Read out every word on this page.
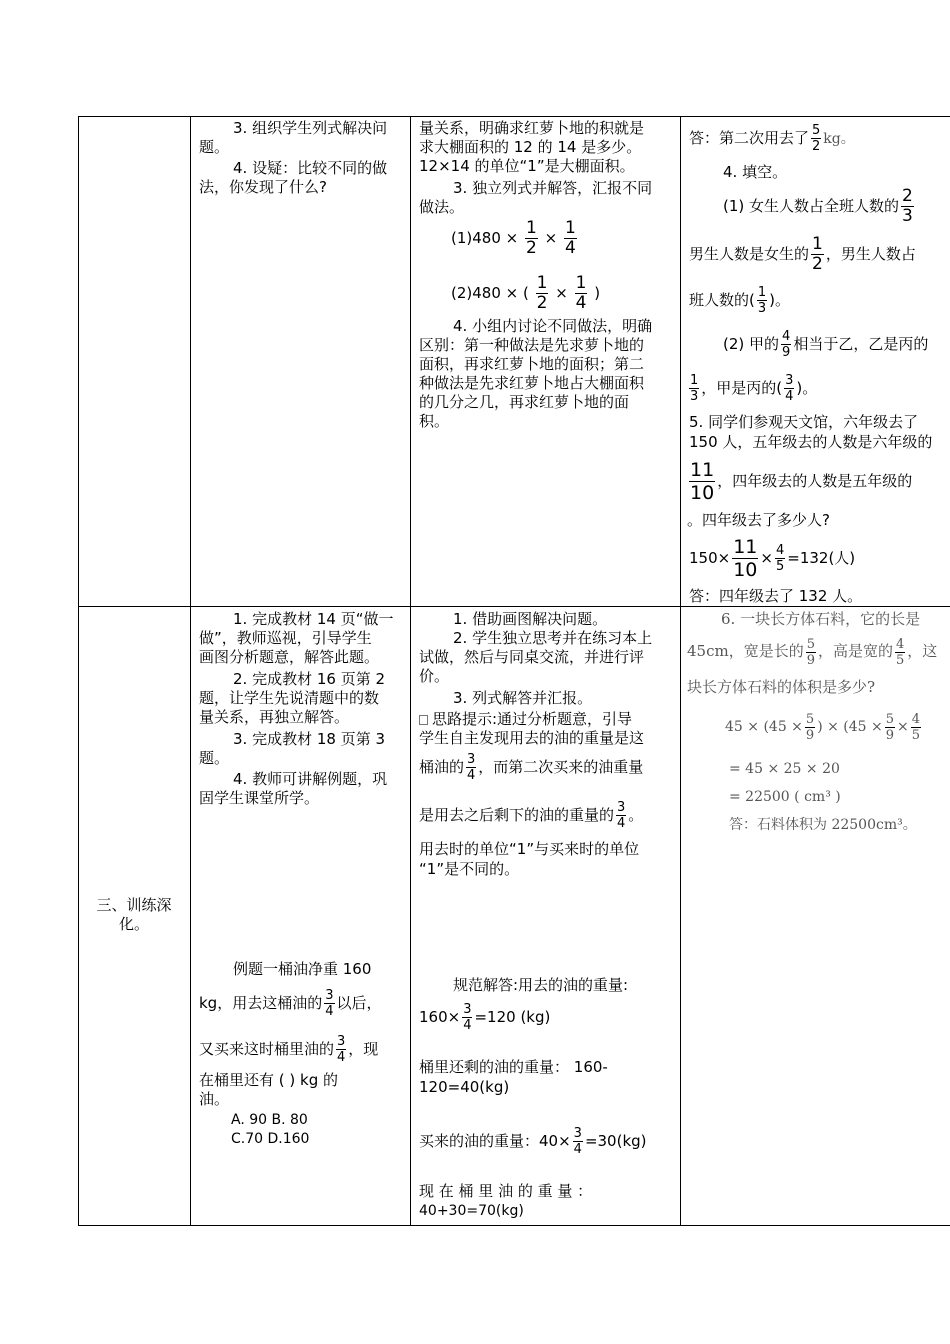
3. 组织学生列式解决问
题。
4. 设疑：比较不同的做
法，你发现了什么?
量关系，明确求红萝卜地的积就是
求大棚面积的 12 的 14 是多少。
12×14 的单位“1”是大棚面积。
3. 独立列式并解答，汇报不同
做法。
$(1)480 \times \frac{1}{2} \times \frac{1}{4}$
(2)480 × ( $\frac{1}{2} \times \frac{1}{4}$ )
4. 小组内讨论不同做法，明确
区别：第一种做法是先求萝卜地的
面积，再求红萝卜地的面积；第二
种做法是先求红萝卜地占大棚面积
的几分之几，再求红萝卜地的面
积。
答：第二次用去了 $\frac{5}{2}$ kg。
4. 填空。
(1) 女生人数占全班人数的 $\frac{2}{3}$
男生人数是女生的 $\frac{1}{2}$ ，男生人数占
班人数的( $\frac{1}{3}$ )。
(2) 甲的 $\frac{4}{9}$ 相当于乙，乙是丙的
$\frac{1}{3}$ ，甲是丙的( $\frac{3}{4}$ )。
5. 同学们参观天文馆，六年级去了
150 人，五年级去的人数是六年级的
$\frac{11}{10}$ ，四年级去的人数是五年级的
。四年级去了多少人?
$150\times \frac{11}{10} \times \frac{4}{5} =132$(人)
答：四年级去了 132 人。
三、训练深
化。
1. 完成教材 14 页“做一
做”，教师巡视，引导学生
画图分析题意，解答此题。
2. 完成教材 16 页第 2
题，让学生先说清题中的数
量关系，再独立解答。
3. 完成教材 18 页第 3
题。
4. 教师可讲解例题，巩
固学生课堂所学。
例题一桶油净重 160
kg，用去这桶油的 $\frac{3}{4}$ 以后，
又买来这时桶里油的 $\frac{3}{4}$ ，现
在桶里还有 ( ) kg 的
油。
A. 90 B. 80
C.70 D.160
1. 借助画图解决问题。
2. 学生独立思考并在练习本上
试做，然后与同桌交流，并进行评
价。
3. 列式解答并汇报。
思路提示:通过分析题意，引导
学生自主发现用去的油的重量是这
桶油的 $\frac{3}{4}$ ，而第二次买来的油重量
是用去之后剩下的油的重量的 $\frac{3}{4}$ 。
用去时的单位“1”与买来时的单位
“1”是不同的。
规范解答:用去的油的重量:
$160\times \frac{3}{4} =120$ (kg)
桶里还剩的油的重量： 160-
120=40(kg)
买来的油的重量：$40\times \frac{3}{4} =30(kg)$
现 在 桶 里 油 的 重 量 ：
40+30=70(kg)
6. 一块长方体石料，它的长是
45cm，宽是长的 $\frac{5}{9}$ ，高是宽的 $\frac{4}{5}$ ，这
块长方体石料的体积是多少?
$45 \times (45 \times \frac{5}{9}$ ) × ($45 \times \frac{5}{9} \times \frac{4}{5}$
= 45 × 25 × 20
= 22500 ( cm³ )
答：石料体积为 22500cm³。
